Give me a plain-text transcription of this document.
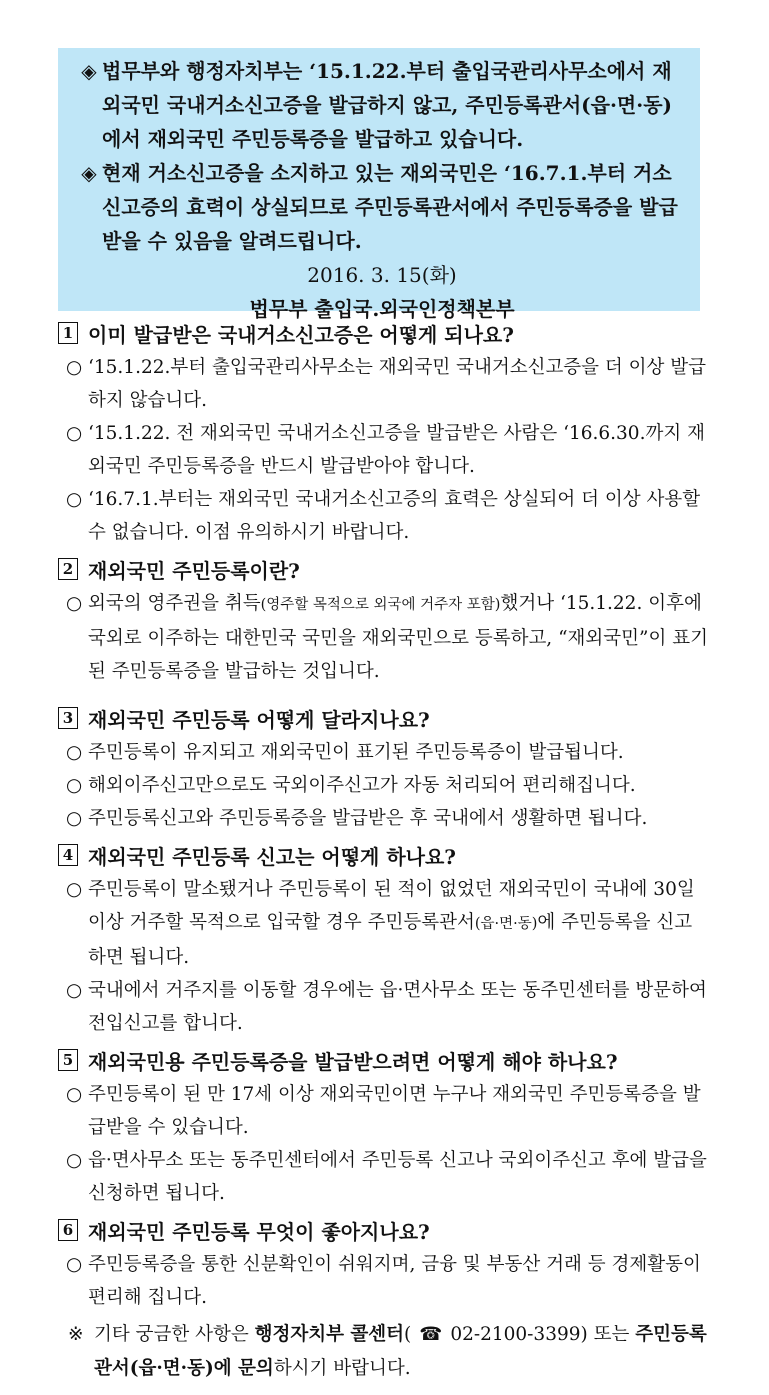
◈ 법무부와 행정자치부는 ‘15.1.22.부터 출입국관리사무소에서 재외국민 국내거소신고증을 발급하지 않고, 주민등록관서(읍·면·동)에서 재외국민 주민등록증을 발급하고 있습니다.

◈ 현재 거소신고증을 소지하고 있는 재외국민은 ‘16.7.1.부터 거소신고증의 효력이 상실되므로 주민등록관서에서 주민등록증을 발급받을 수 있음을 알려드립니다.

2016. 3. 15(화)

법무부 출입국.외국인정책본부

1 이미 발급받은 국내거소신고증은 어떻게 되나요?
○ ‘15.1.22.부터 출입국관리사무소는 재외국민 국내거소신고증을 더 이상 발급하지 않습니다.
○ ‘15.1.22. 전 재외국민 국내거소신고증을 발급받은 사람은 ‘16.6.30.까지 재외국민 주민등록증을 반드시 발급받아야 합니다.
○ ‘16.7.1.부터는 재외국민 국내거소신고증의 효력은 상실되어 더 이상 사용할 수 없습니다. 이점 유의하시기 바랍니다.
2 재외국민 주민등록이란?
○ 외국의 영주권을 취득(영주할 목적으로 외국에 거주자 포함)했거나 ‘15.1.22. 이후에 국외로 이주하는 대한민국 국민을 재외국민으로 등록하고, “재외국민”이 표기된 주민등록증을 발급하는 것입니다.
3 재외국민 주민등록 어떻게 달라지나요?
○ 주민등록이 유지되고 재외국민이 표기된 주민등록증이 발급됩니다.
○ 해외이주신고만으로도 국외이주신고가 자동 처리되어 편리해집니다.
○ 주민등록신고와 주민등록증을 발급받은 후 국내에서 생활하면 됩니다.
4 재외국민 주민등록 신고는 어떻게 하나요?
○ 주민등록이 말소됐거나 주민등록이 된 적이 없었던 재외국민이 국내에 30일 이상 거주할 목적으로 입국할 경우 주민등록관서(읍·면·동)에 주민등록을 신고하면 됩니다.
○ 국내에서 거주지를 이동할 경우에는 읍·면사무소 또는 동주민센터를 방문하여 전입신고를 합니다.
5 재외국민용 주민등록증을 발급받으려면 어떻게 해야 하나요?
○ 주민등록이 된 만 17세 이상 재외국민이면 누구나 재외국민 주민등록증을 발급받을 수 있습니다.
○ 읍·면사무소 또는 동주민센터에서 주민등록 신고나 국외이주신고 후에 발급을 신청하면 됩니다.
6 재외국민 주민등록 무엇이 좋아지나요?
○ 주민등록증을 통한 신분확인이 쉬워지며, 금융 및 부동산 거래 등 경제활동이 편리해 집니다.
※ 기타 궁금한 사항은 행정자치부 콜센터( ☎ 02-2100-3399) 또는 주민등록관서(읍·면·동)에 문의하시기 바랍니다.
